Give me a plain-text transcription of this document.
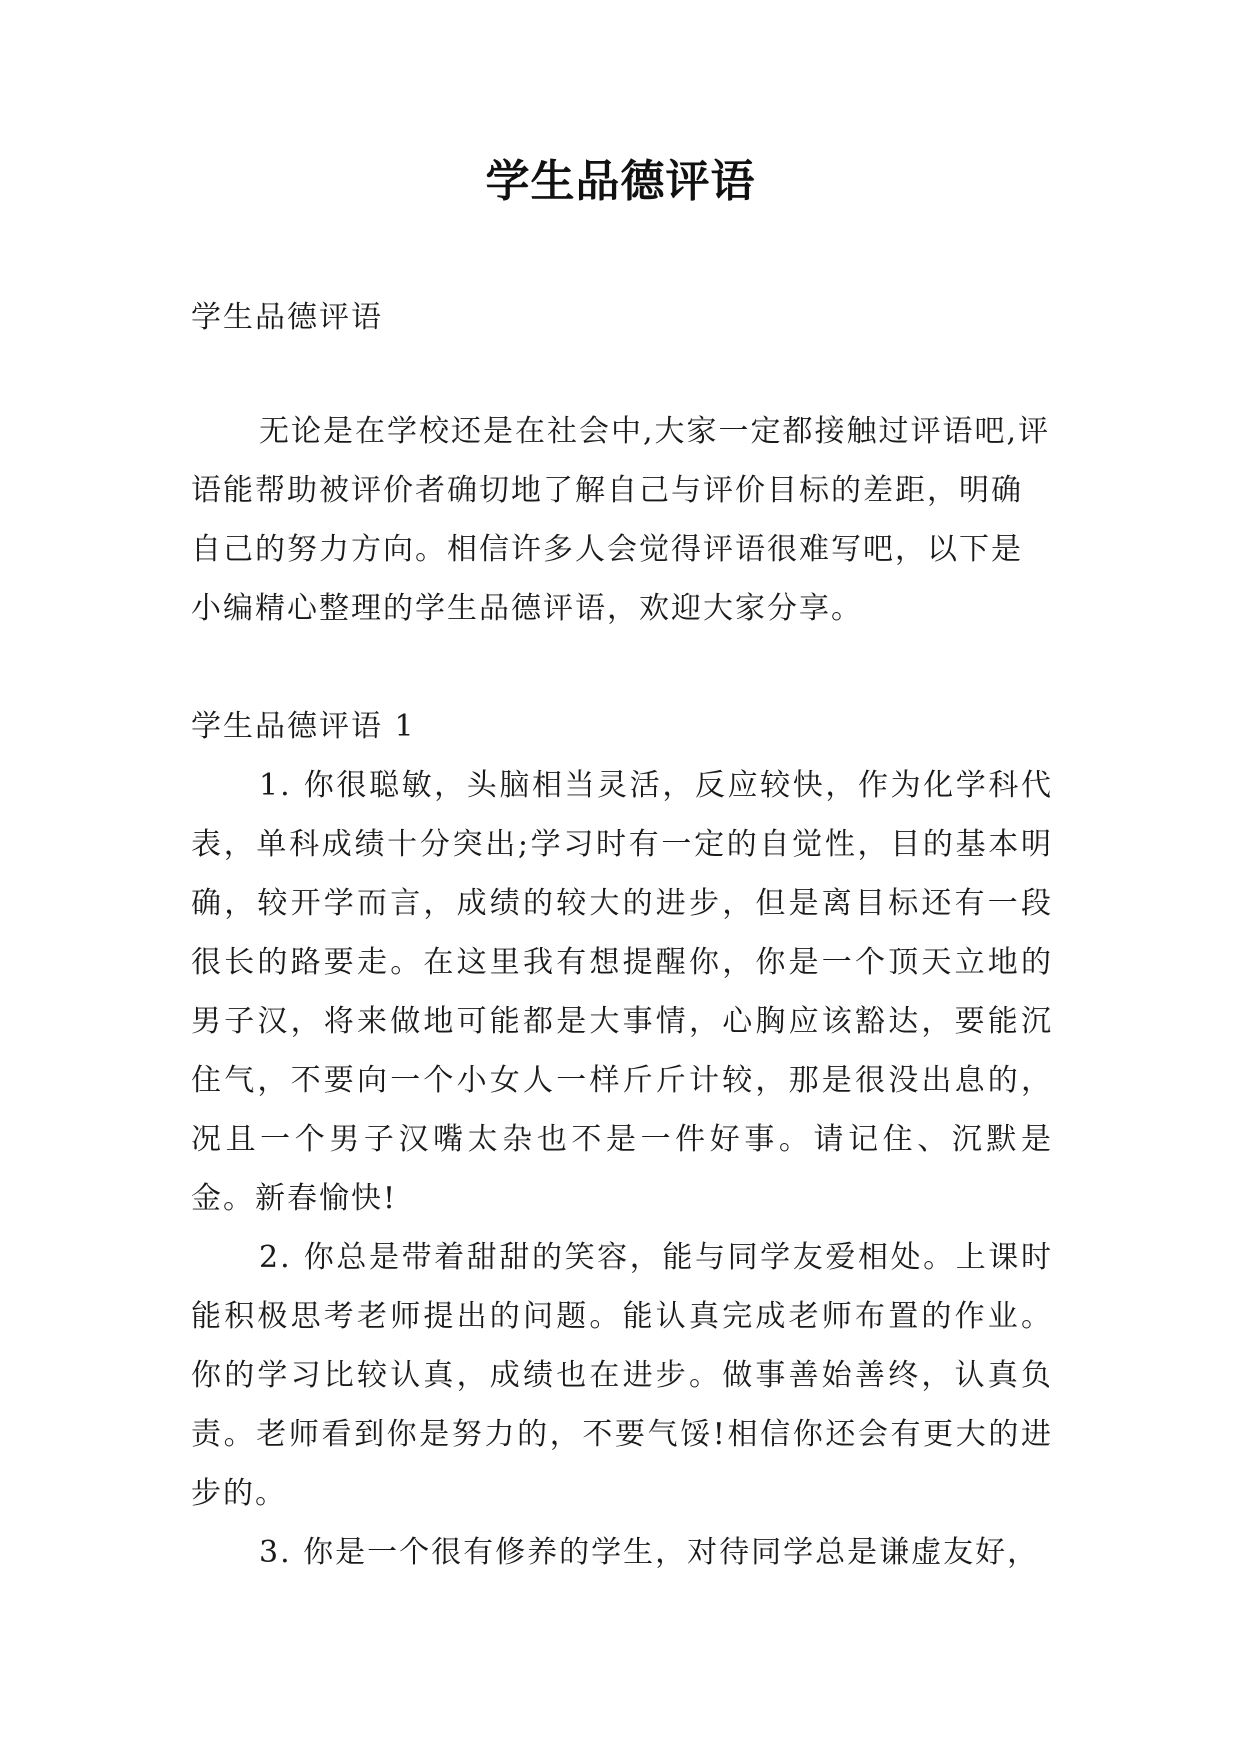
学生品德评语
学生品德评语
无论是在学校还是在社会中,大家一定都接触过评语吧,评语能帮助被评价者确切地了解自己与评价目标的差距，明确自己的努力方向。相信许多人会觉得评语很难写吧，以下是小编精心整理的学生品德评语，欢迎大家分享。
学生品德评语 1

1. 你很聪敏，头脑相当灵活，反应较快，作为化学科代表，单科成绩十分突出;学习时有一定的自觉性，目的基本明确，较开学而言，成绩的较大的进步，但是离目标还有一段很长的路要走。在这里我有想提醒你，你是一个顶天立地的男子汉，将来做地可能都是大事情，心胸应该豁达，要能沉住气，不要向一个小女人一样斤斤计较，那是很没出息的，况且一个男子汉嘴太杂也不是一件好事。请记住、沉默是金。新春愉快!

2. 你总是带着甜甜的笑容，能与同学友爱相处。上课时能积极思考老师提出的问题。能认真完成老师布置的作业。你的学习比较认真，成绩也在进步。做事善始善终，认真负责。老师看到你是努力的，不要气馁!相信你还会有更大的进步的。

3. 你是一个很有修养的学生，对待同学总是谦虚友好，
